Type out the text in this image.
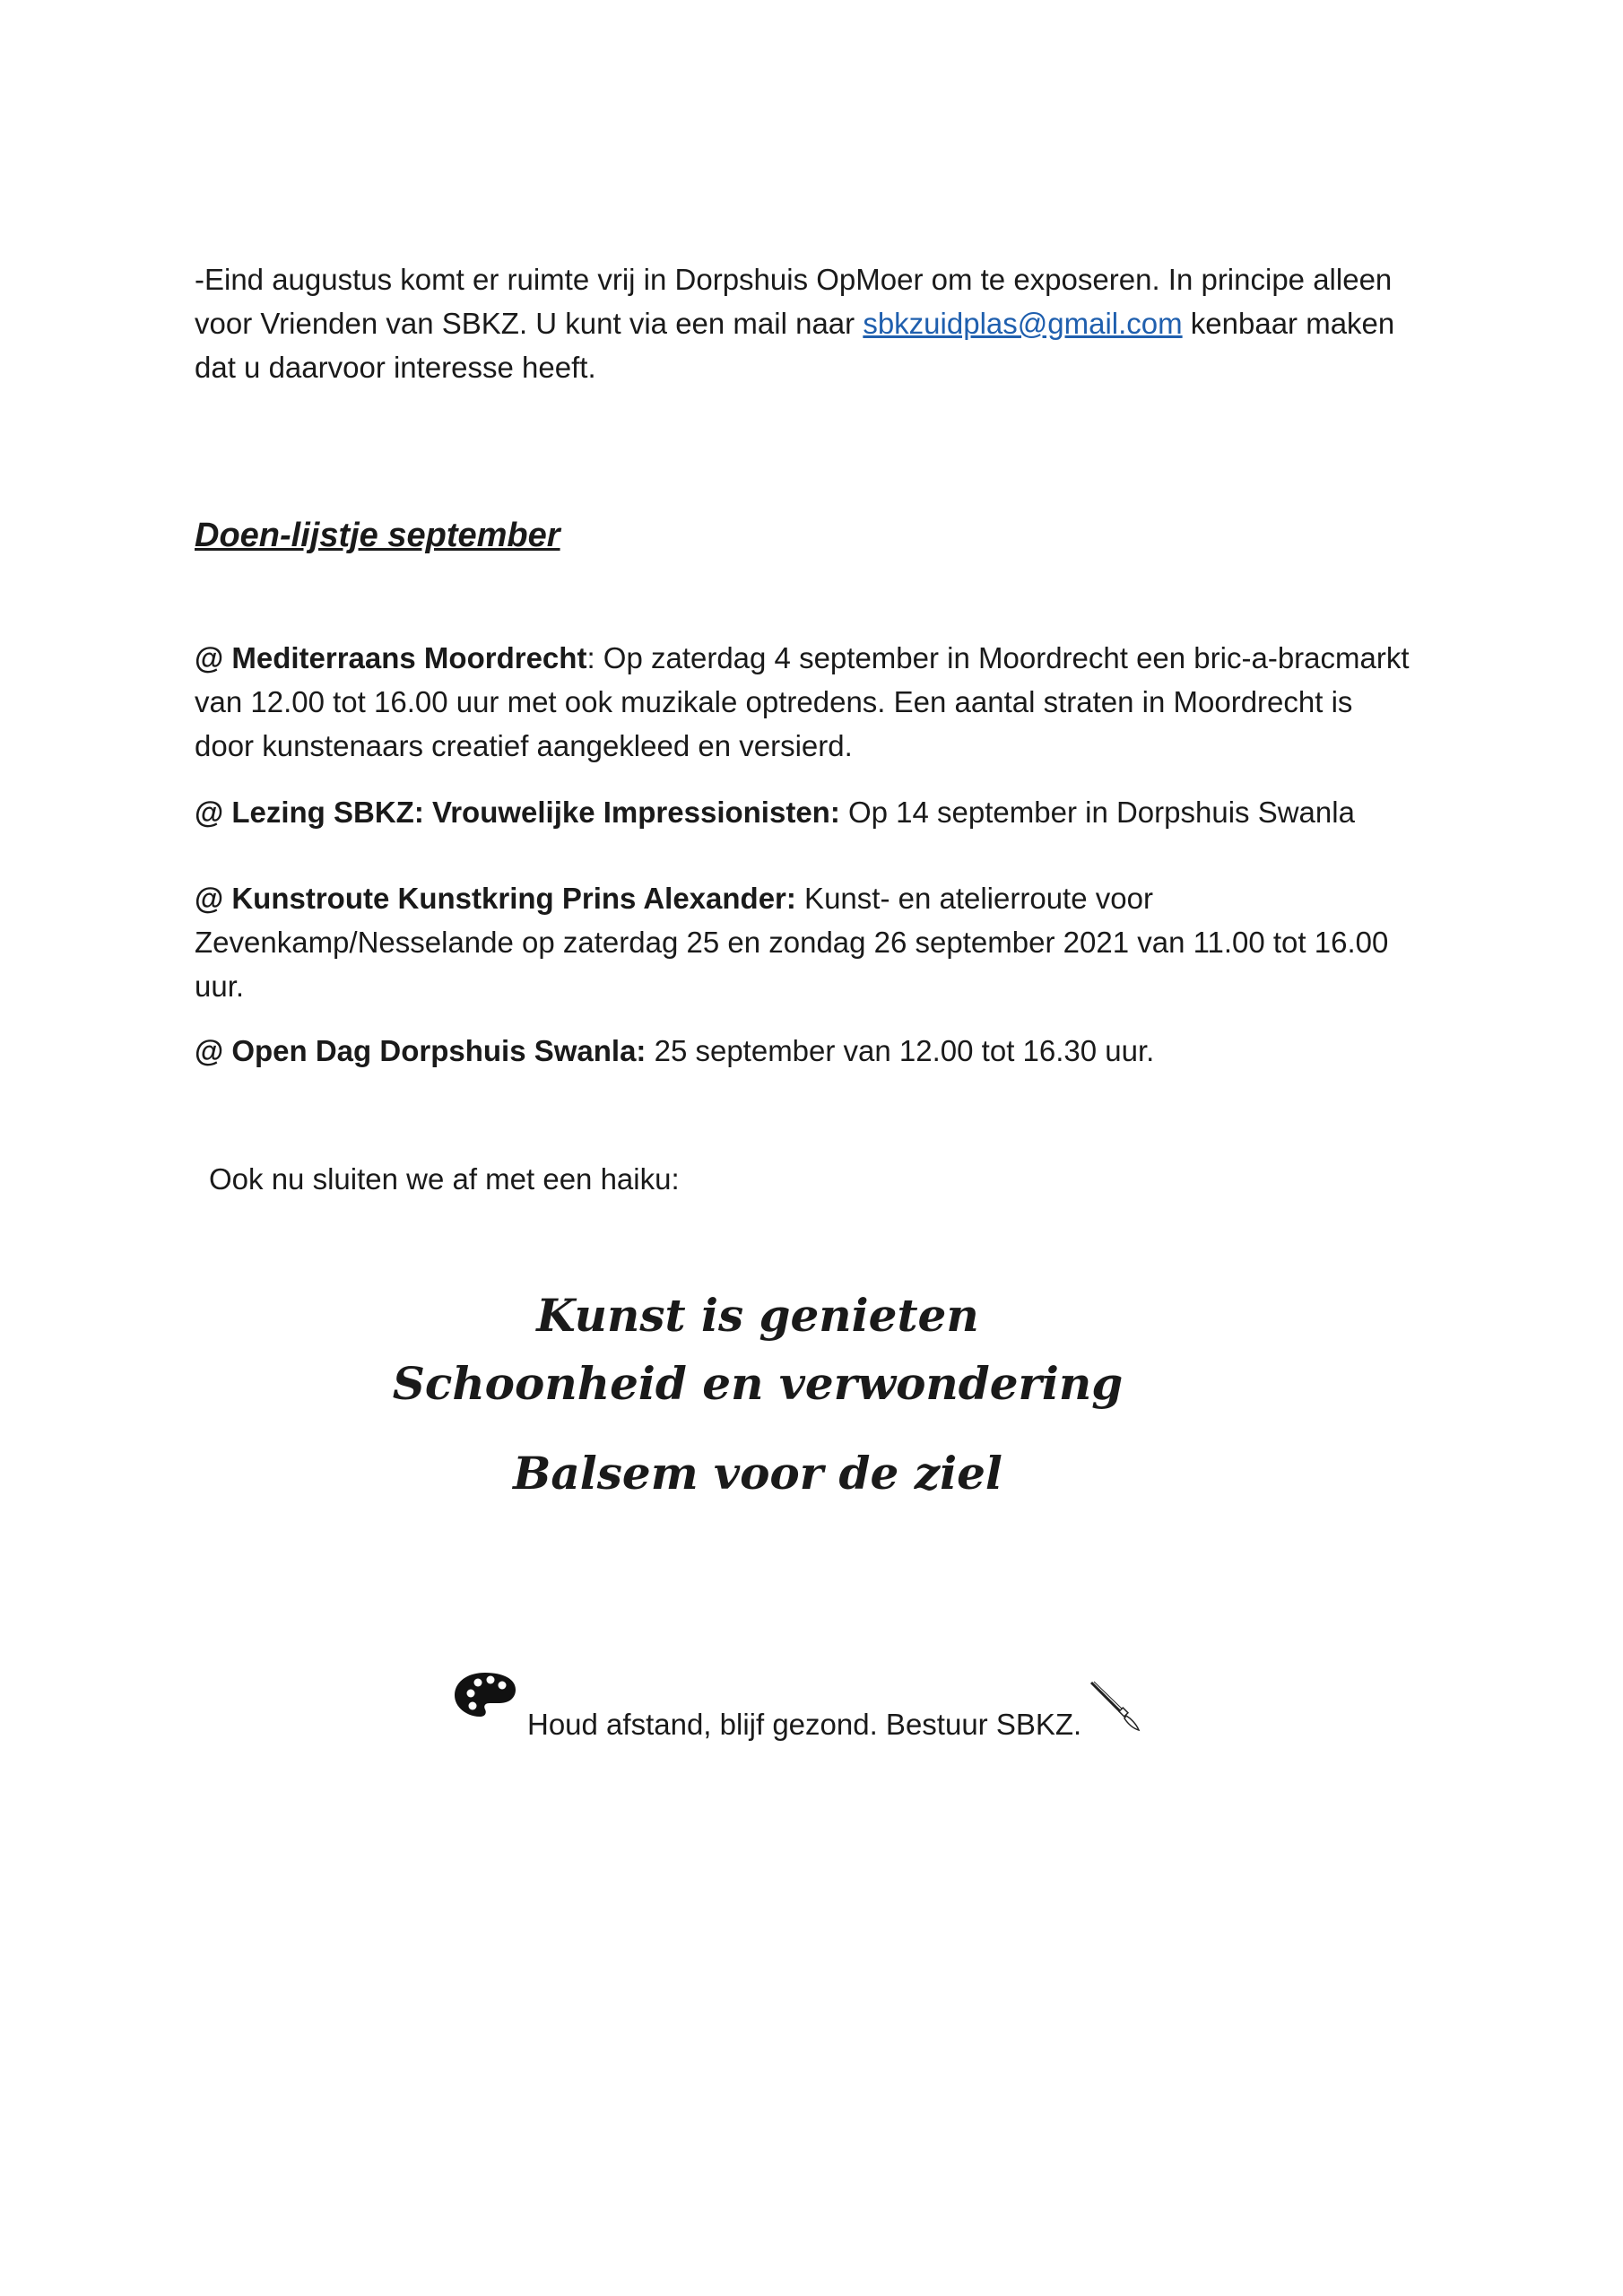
-Eind augustus komt er ruimte vrij in Dorpshuis OpMoer om te exposeren. In principe alleen
voor Vrienden van SBKZ. U kunt via een mail naar sbkzuidplas@gmail.com kenbaar maken
dat u daarvoor interesse heeft.

Doen-lijstje september

@ Mediterraans Moordrecht: Op zaterdag 4 september in Moordrecht een bric-a-bracmarkt
van 12.00 tot 16.00 uur met ook muzikale optredens. Een aantal straten in Moordrecht is
door kunstenaars creatief aangekleed en versierd.

@ Lezing SBKZ: Vrouwelijke Impressionisten: Op 14 september in Dorpshuis Swanla

@ Kunstroute Kunstkring Prins Alexander: Kunst- en atelierroute voor
Zevenkamp/Nesselande op zaterdag 25 en zondag 26 september 2021 van 11.00 tot 16.00
uur.

@ Open Dag Dorpshuis Swanla: 25 september van 12.00 tot 16.30 uur.

Ook nu sluiten we af met een haiku:

Kunst is genieten

Schoonheid en verwondering

Balsem voor de ziel

Houd afstand, blijf gezond. Bestuur SBKZ.
